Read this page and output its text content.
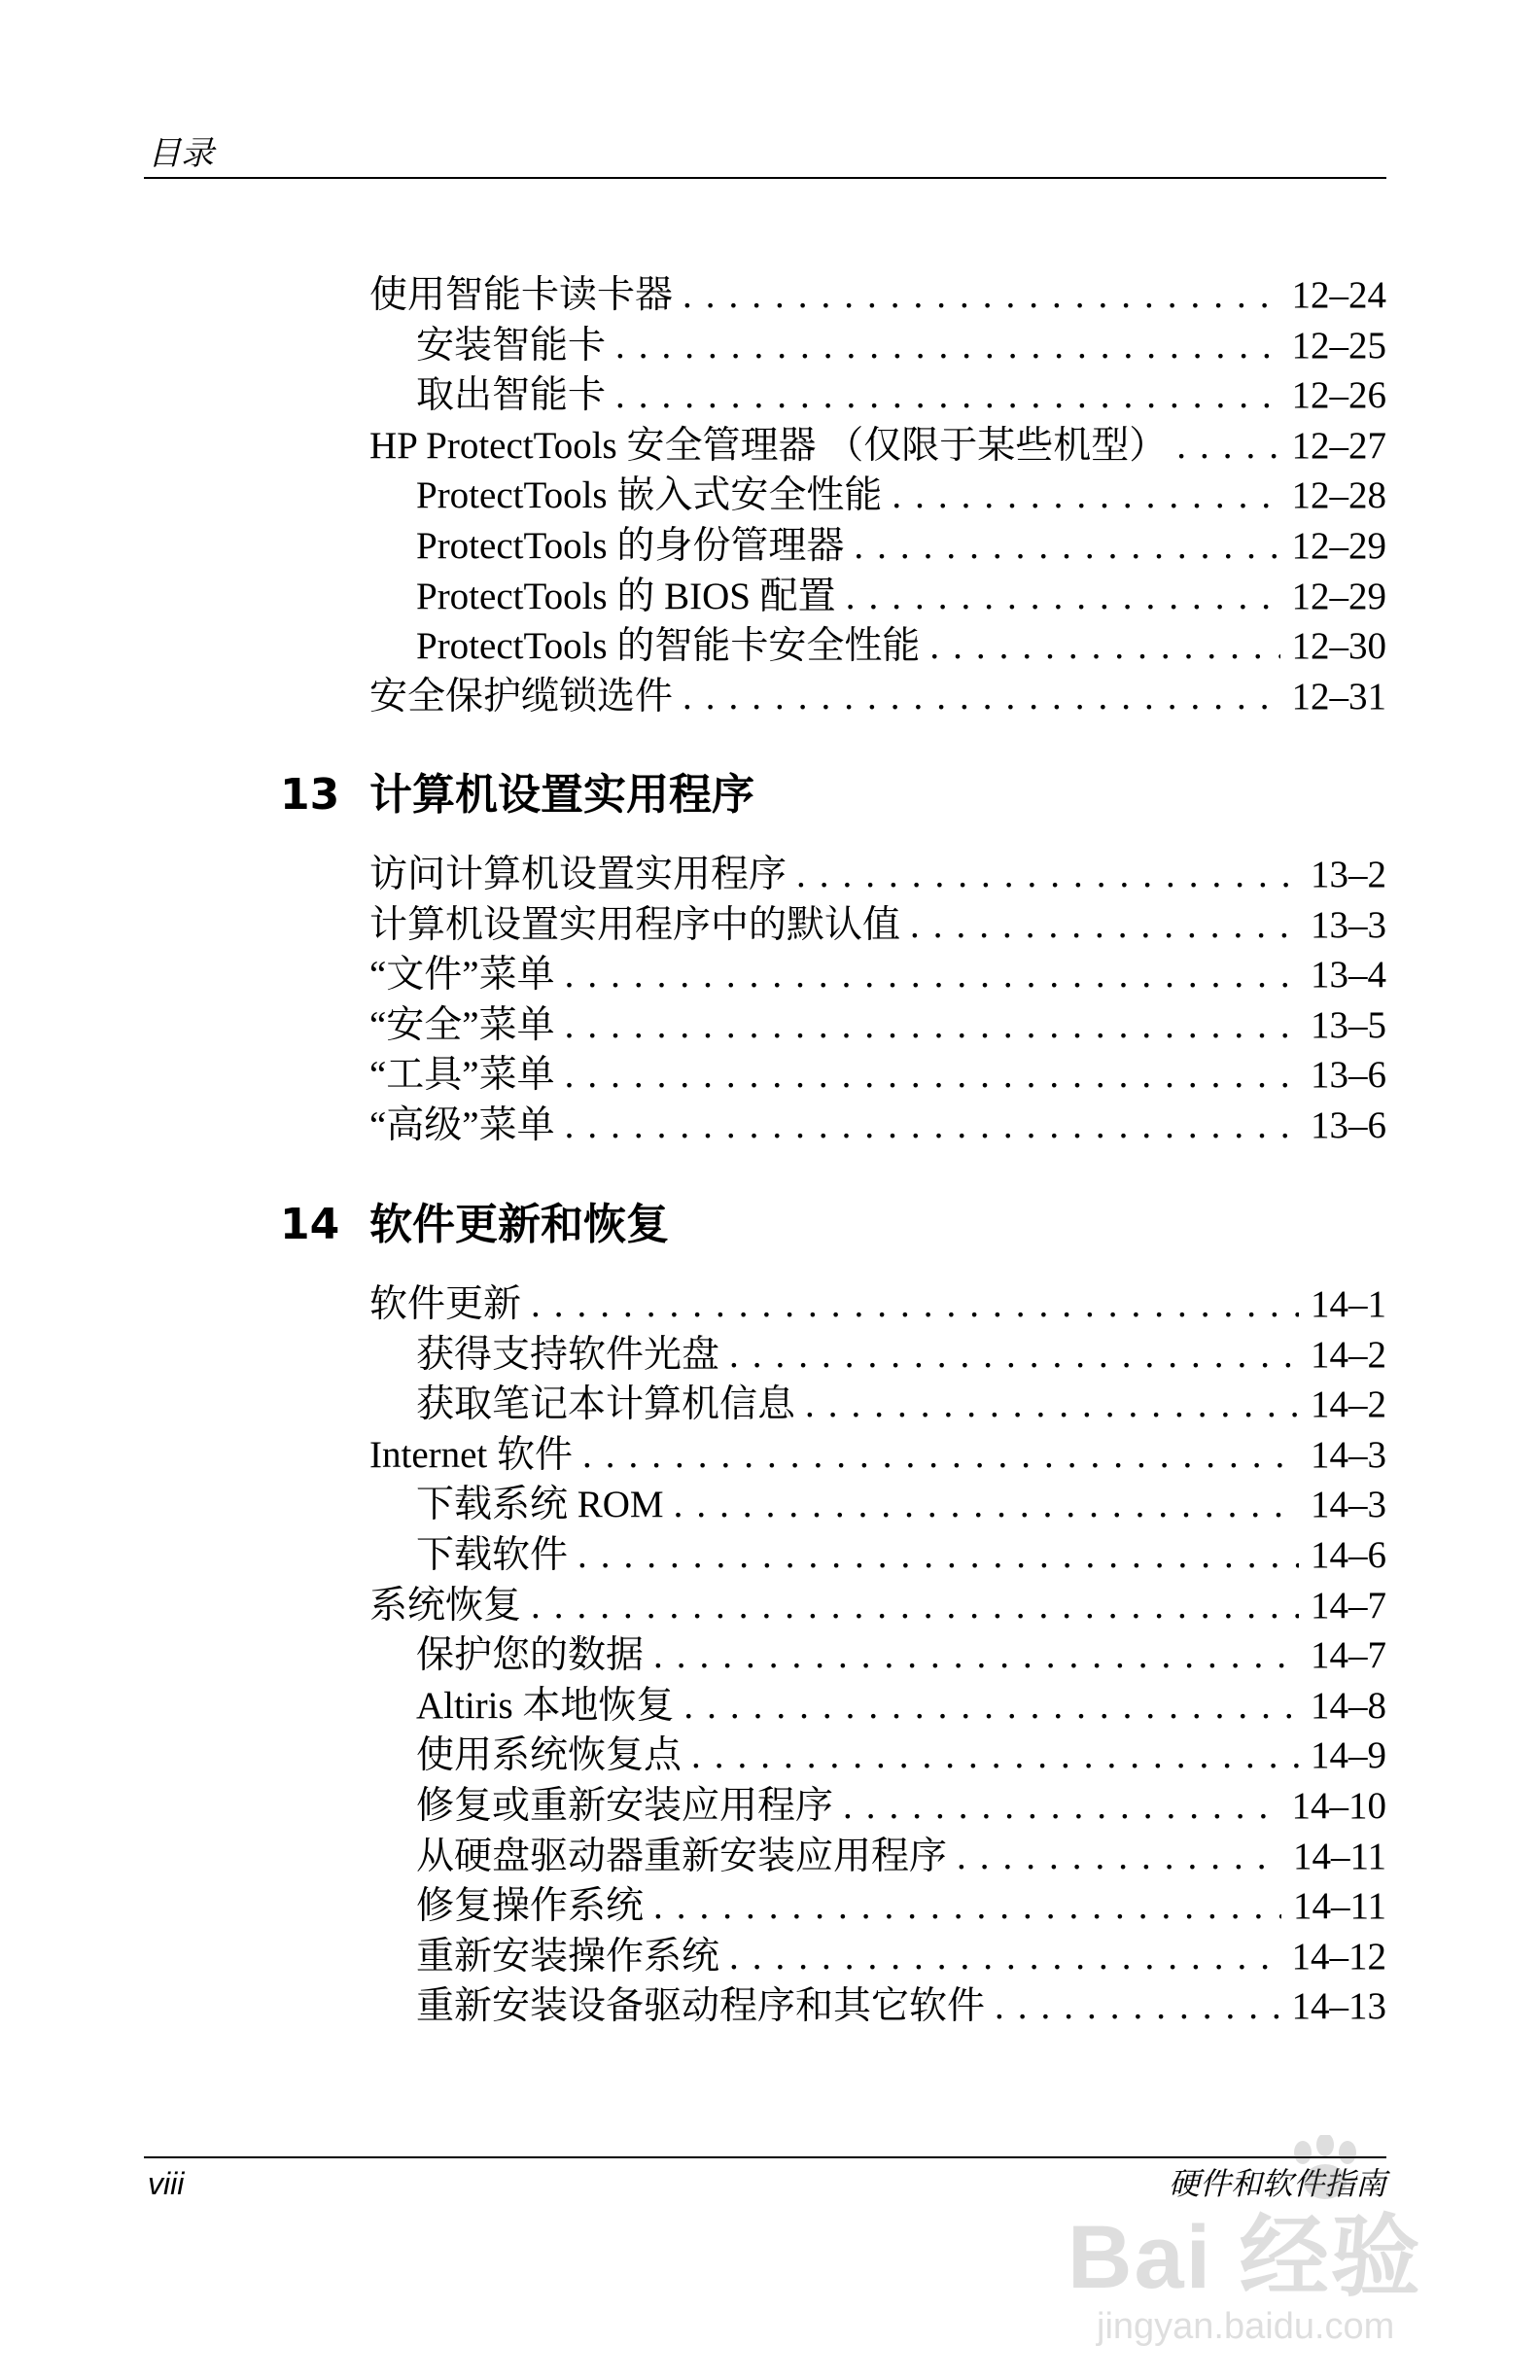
目录
使用智能卡读卡器 .....	12–24
安装智能卡 .....	12–25
取出智能卡 .....	12–26
HP ProtectTools 安全管理器 （仅限于某些机型） .....	12–27
ProtectTools 嵌入式安全性能 .....	12–28
ProtectTools 的身份管理器 .....	12–29
ProtectTools 的 BIOS 配置 .....	12–29
ProtectTools 的智能卡安全性能 .....	12–30
安全保护缆锁选件 .....	12–31
13 计算机设置实用程序
访问计算机设置实用程序 .....	13–2
计算机设置实用程序中的默认值 .....	13–3
“文件”菜单 .....	13–4
“安全”菜单 .....	13–5
“工具”菜单 .....	13–6
“高级”菜单 .....	13–6
14 软件更新和恢复
软件更新 .....	14–1
获得支持软件光盘 .....	14–2
获取笔记本计算机信息 .....	14–2
Internet 软件 .....	14–3
下载系统 ROM .....	14–3
下载软件 .....	14–6
系统恢复 .....	14–7
保护您的数据 .....	14–7
Altiris 本地恢复 .....	14–8
使用系统恢复点 .....	14–9
修复或重新安装应用程序 .....	14–10
从硬盘驱动器重新安装应用程序 .....	14–11
修复操作系统 .....	14–11
重新安装操作系统 .....	14–12
重新安装设备驱动程序和其它软件 .....	14–13
viii	硬件和软件指南
Bai 经验
jingyan.baidu.com
